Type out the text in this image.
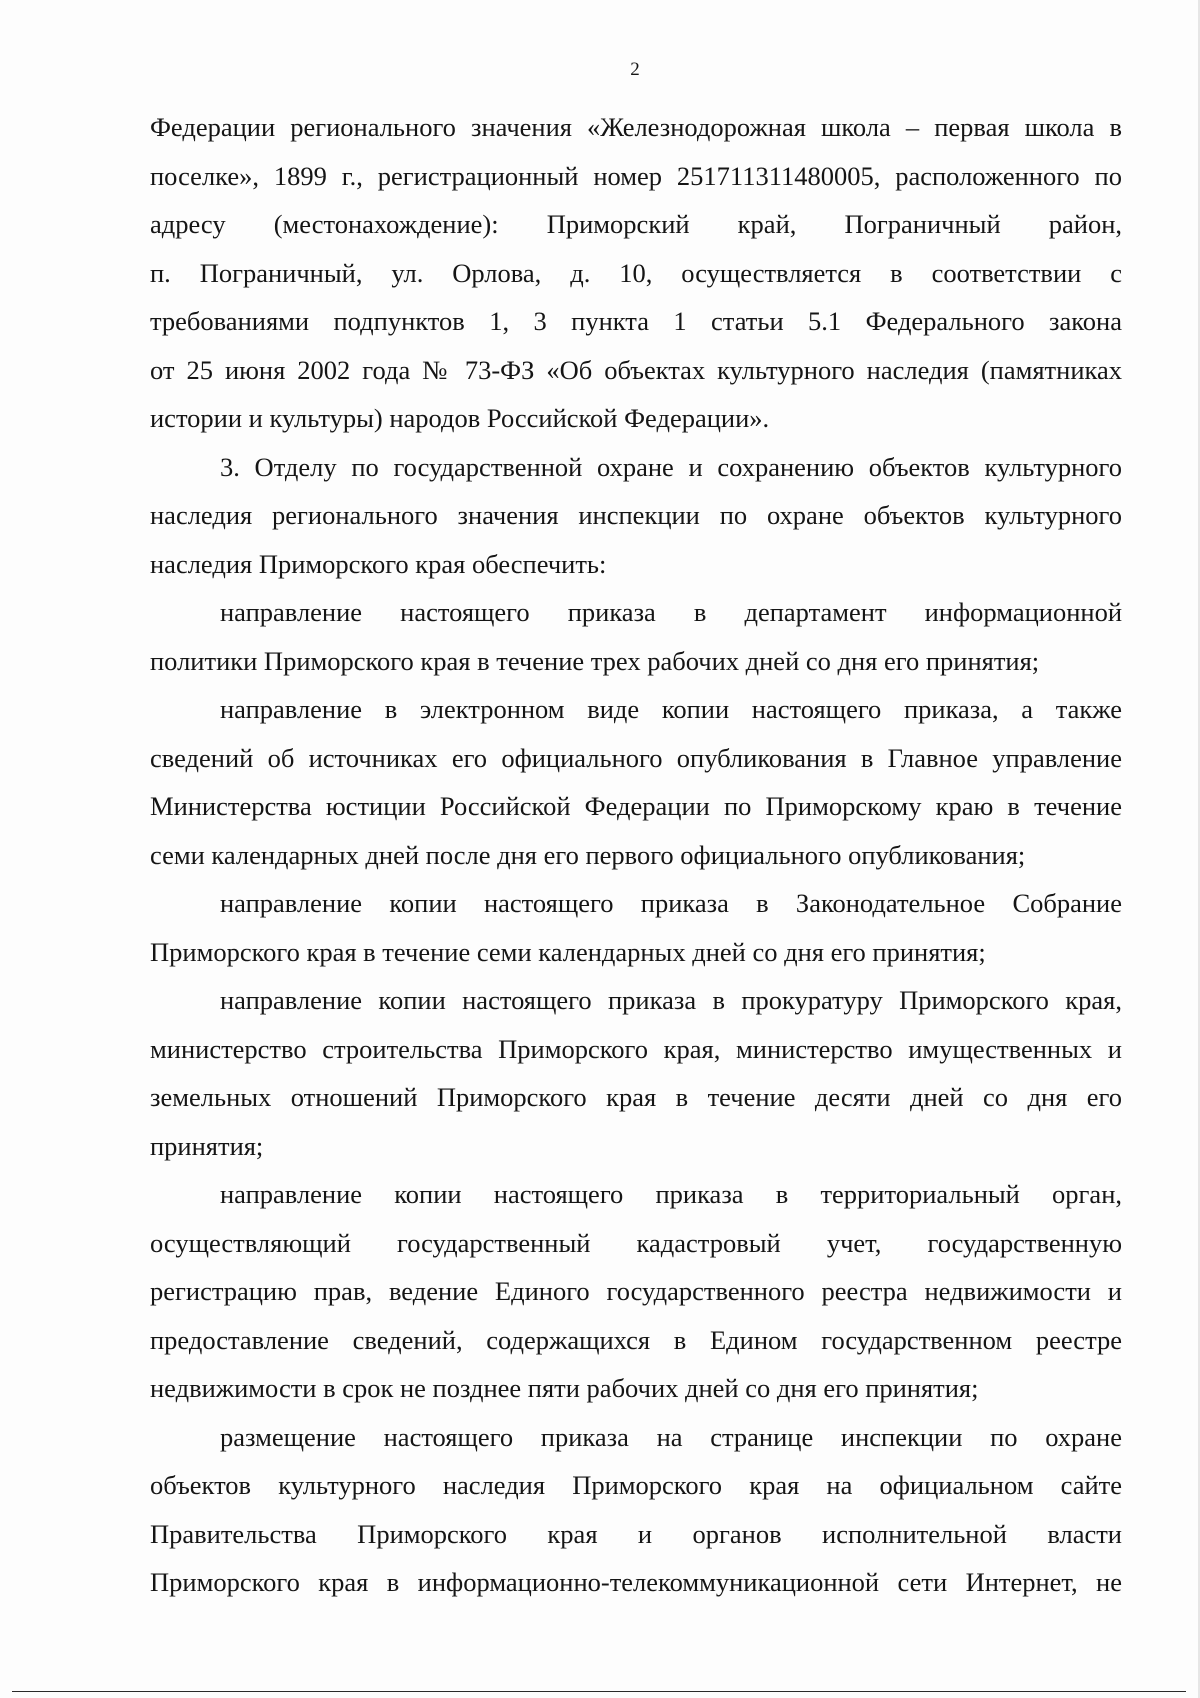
2
Федерации регионального значения «Железнодорожная школа – первая школа в
поселке», 1899 г., регистрационный номер 251711311480005, расположенного по
адресу (местонахождение): Приморский край, Пограничный район,
п. Пограничный, ул. Орлова, д. 10, осуществляется в соответствии с
требованиями подпунктов 1, 3 пункта 1 статьи 5.1 Федерального закона
от 25 июня 2002 года № 73-ФЗ «Об объектах культурного наследия (памятниках
истории и культуры) народов Российской Федерации».
3. Отделу по государственной охране и сохранению объектов культурного
наследия регионального значения инспекции по охране объектов культурного
наследия Приморского края обеспечить:
направление настоящего приказа в департамент информационной
политики Приморского края в течение трех рабочих дней со дня его принятия;
направление в электронном виде копии настоящего приказа, а также
сведений об источниках его официального опубликования в Главное управление
Министерства юстиции Российской Федерации по Приморскому краю в течение
семи календарных дней после дня его первого официального опубликования;
направление копии настоящего приказа в Законодательное Собрание
Приморского края в течение семи календарных дней со дня его принятия;
направление копии настоящего приказа в прокуратуру Приморского края,
министерство строительства Приморского края, министерство имущественных и
земельных отношений Приморского края в течение десяти дней со дня его
принятия;
направление копии настоящего приказа в территориальный орган,
осуществляющий государственный кадастровый учет, государственную
регистрацию прав, ведение Единого государственного реестра недвижимости и
предоставление сведений, содержащихся в Едином государственном реестре
недвижимости в срок не позднее пяти рабочих дней со дня его принятия;
размещение настоящего приказа на странице инспекции по охране
объектов культурного наследия Приморского края на официальном сайте
Правительства Приморского края и органов исполнительной власти
Приморского края в информационно-телекоммуникационной сети Интернет, не
